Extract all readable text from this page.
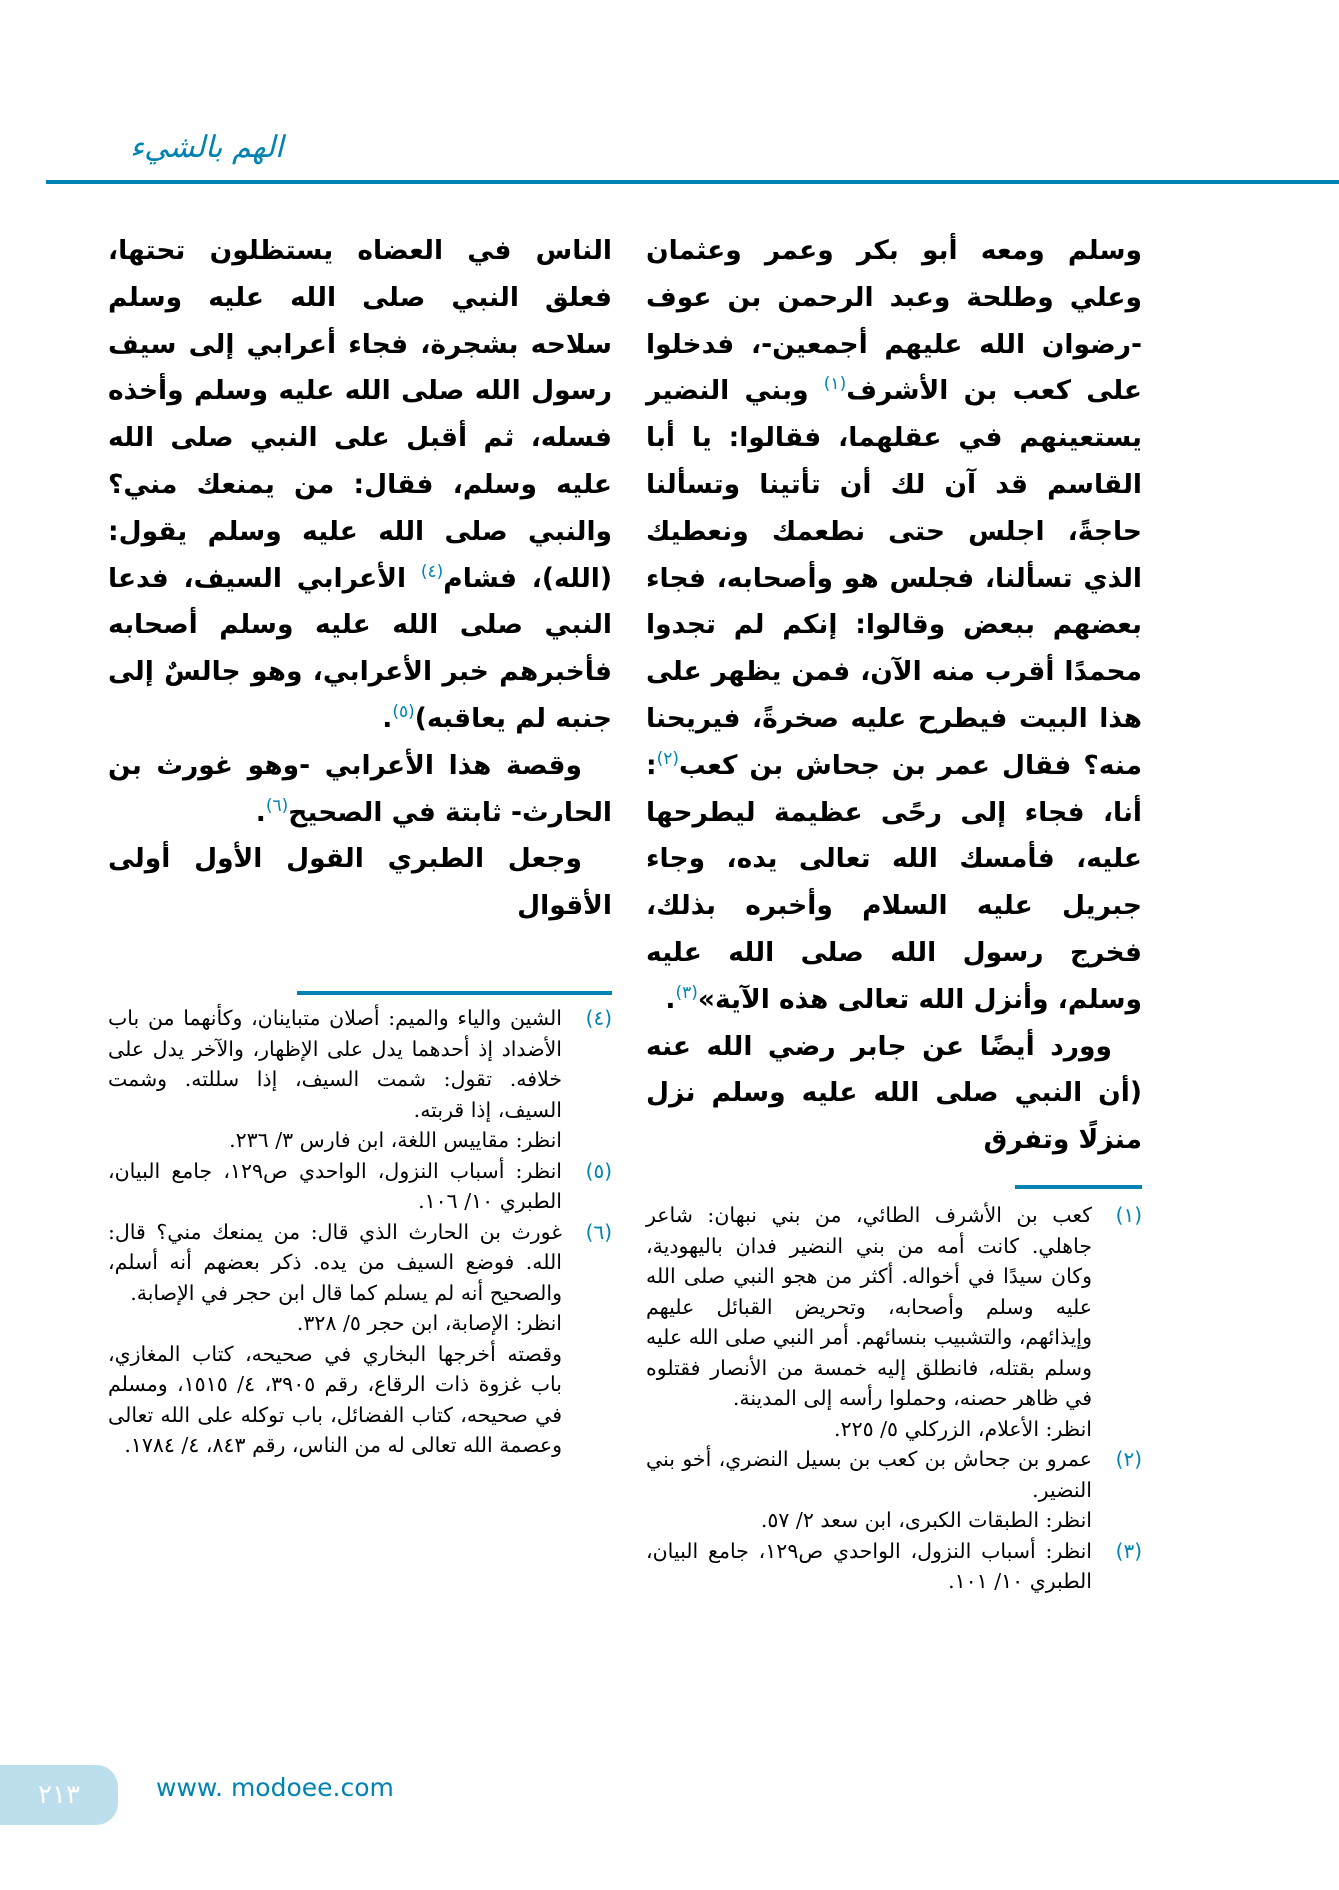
الهم بالشيء

وسلم ومعه أبو بكر وعمر وعثمان وعلي وطلحة وعبد الرحمن بن عوف -رضوان الله عليهم أجمعين-، فدخلوا على كعب بن الأشرف$^{(١)}$ وبني النضير يستعينهم في عقلهما، فقالوا: يا أبا القاسم قد آن لك أن تأتينا وتسألنا حاجةً، اجلس حتى نطعمك ونعطيك الذي تسألنا، فجلس هو وأصحابه، فجاء بعضهم ببعض وقالوا: إنكم لم تجدوا محمدًا أقرب منه الآن، فمن يظهر على هذا البيت فيطرح عليه صخرةً، فيريحنا منه؟ فقال عمر بن جحاش بن كعب$^{(٢)}$: أنا، فجاء إلى رحًى عظيمة ليطرحها عليه، فأمسك الله تعالى يده، وجاء جبريل عليه السلام وأخبره بذلك، فخرج رسول الله صلى الله عليه وسلم، وأنزل الله تعالى هذه الآية»$^{(٣)}$.

وورد أيضًا عن جابر رضي الله عنه (أن النبي صلى الله عليه وسلم نزل منزلًا وتفرق

الناس في العضاه يستظلون تحتها، فعلق النبي صلى الله عليه وسلم سلاحه بشجرة، فجاء أعرابي إلى سيف رسول الله صلى الله عليه وسلم وأخذه فسله، ثم أقبل على النبي صلى الله عليه وسلم، فقال: من يمنعك مني؟ والنبي صلى الله عليه وسلم يقول: (الله)، فشام$^{(٤)}$ الأعرابي السيف، فدعا النبي صلى الله عليه وسلم أصحابه فأخبرهم خبر الأعرابي، وهو جالسٌ إلى جنبه لم يعاقبه)$^{(٥)}$.

وقصة هذا الأعرابي -وهو غورث بن الحارث- ثابتة في الصحيح$^{(٦)}$.

وجعل الطبري القول الأول أولى الأقوال

(١)
كعب بن الأشرف الطائي، من بني نبهان: شاعر جاهلي. كانت أمه من بني النضير فدان باليهودية، وكان سيدًا في أخواله. أكثر من هجو النبي صلى الله عليه وسلم وأصحابه، وتحريض القبائل عليهم وإيذائهم، والتشبيب بنسائهم. أمر النبي صلى الله عليه وسلم بقتله، فانطلق إليه خمسة من الأنصار فقتلوه في ظاهر حصنه، وحملوا رأسه إلى المدينة.
انظر: الأعلام، الزركلي ٥/ ٢٢٥.
(٢)
عمرو بن جحاش بن كعب بن بسيل النضري، أخو بني النضير.
انظر: الطبقات الكبرى، ابن سعد ٢/ ٥٧.
(٣)
انظر: أسباب النزول، الواحدي ص١٢٩، جامع البيان، الطبري ١٠/ ١٠١.
(٤)
الشين والياء والميم: أصلان متباينان، وكأنهما من باب الأضداد إذ أحدهما يدل على الإظهار، والآخر يدل على خلافه. تقول: شمت السيف، إذا سللته. وشمت السيف، إذا قربته.
انظر: مقاييس اللغة، ابن فارس ٣/ ٢٣٦.
(٥)
انظر: أسباب النزول، الواحدي ص١٢٩، جامع البيان، الطبري ١٠/ ١٠٦.
(٦)
غورث بن الحارث الذي قال: من يمنعك مني؟ قال: الله. فوضع السيف من يده. ذكر بعضهم أنه أسلم، والصحيح أنه لم يسلم كما قال ابن حجر في الإصابة.
انظر: الإصابة، ابن حجر ٥/ ٣٢٨.
وقصته أخرجها البخاري في صحيحه، كتاب المغازي، باب غزوة ذات الرقاع، رقم ٣٩٠٥، ٤/ ١٥١٥، ومسلم في صحيحه، كتاب الفضائل، باب توكله على الله تعالى وعصمة الله تعالى له من الناس، رقم ٨٤٣، ٤/ ١٧٨٤.
٢١٣	www. modoee.com
